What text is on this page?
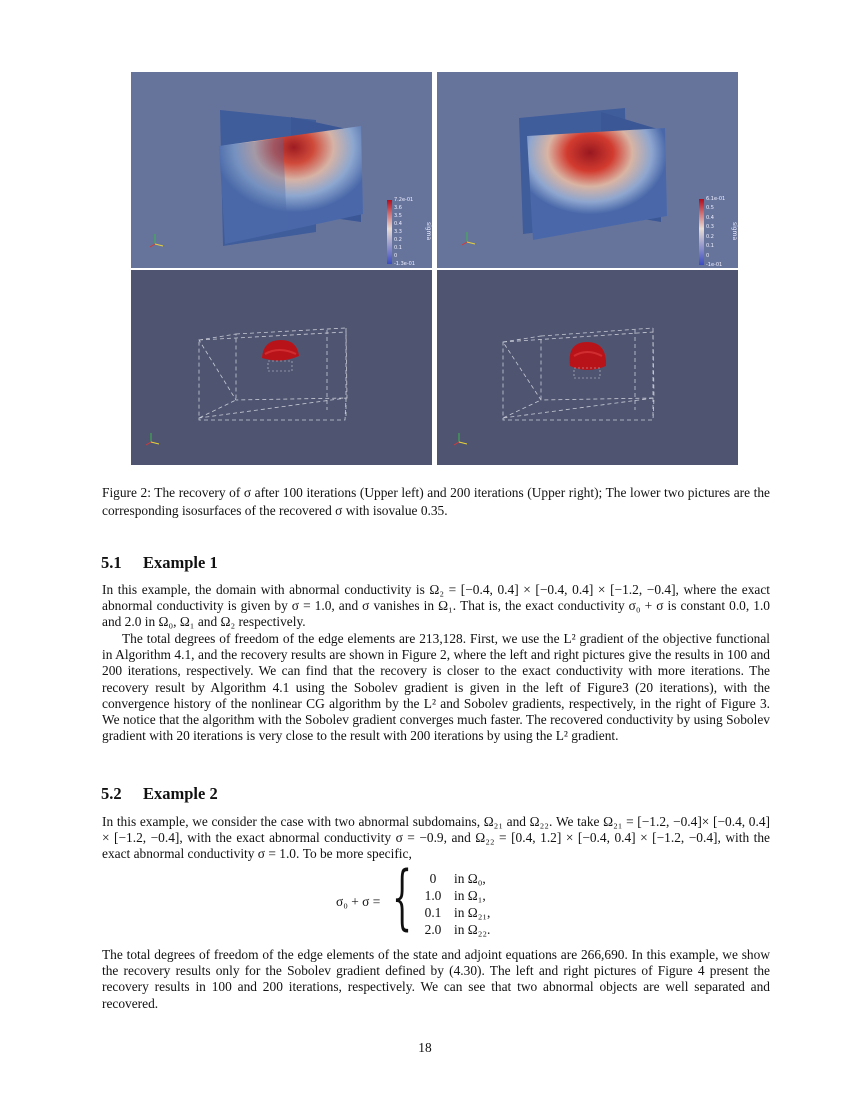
7.2e-01
3.6
3.5
0.4
3.3
0.2
0.1
0
-1.3e-01
sigma
6.1e-01
0.5
0.4
0.3
0.2
0.1
0
-1e-01
sigma
Figure 2: The recovery of σ after 100 iterations (Upper left) and 200 iterations (Upper right); The lower two pictures are the corresponding isosurfaces of the recovered σ with isovalue 0.35.
5.1 Example 1

In this example, the domain with abnormal conductivity is Ω₂ = [−0.4, 0.4] × [−0.4, 0.4] × [−1.2, −0.4], where the exact abnormal conductivity is given by σ = 1.0, and σ vanishes in Ω₁. That is, the exact conductivity σ₀ + σ is constant 0.0, 1.0 and 2.0 in Ω₀, Ω₁ and Ω₂ respectively.

The total degrees of freedom of the edge elements are 213,128. First, we use the L² gradient of the objective functional in Algorithm 4.1, and the recovery results are shown in Figure 2, where the left and right pictures give the results in 100 and 200 iterations, respectively. We can find that the recovery is closer to the exact conductivity with more iterations. The recovery result by Algorithm 4.1 using the Sobolev gradient is given in the left of Figure3 (20 iterations), with the convergence history of the nonlinear CG algorithm by the L² and Sobolev gradients, respectively, in the right of Figure 3. We notice that the algorithm with the Sobolev gradient converges much faster. The recovered conductivity by using Sobolev gradient with 20 iterations is very close to the result with 200 iterations by using the L² gradient.

5.2 Example 2

In this example, we consider the case with two abnormal subdomains, Ω₂₁ and Ω₂₂. We take Ω₂₁ = [−1.2, −0.4]× [−0.4, 0.4] × [−1.2, −0.4], with the exact abnormal conductivity σ = −0.9, and Ω₂₂ = [0.4, 1.2] × [−0.4, 0.4] × [−1.2, −0.4], with the exact abnormal conductivity σ = 1.0. To be more specific,

σ₀ + σ = {	0 in Ω₀,
1.0 in Ω₁,
0.1 in Ω₂₁,
2.0 in Ω₂₂.

The total degrees of freedom of the edge elements of the state and adjoint equations are 266,690. In this example, we show the recovery results only for the Sobolev gradient defined by (4.30). The left and right pictures of Figure 4 present the recovery results in 100 and 200 iterations, respectively. We can see that two abnormal objects are well separated and recovered.

18
